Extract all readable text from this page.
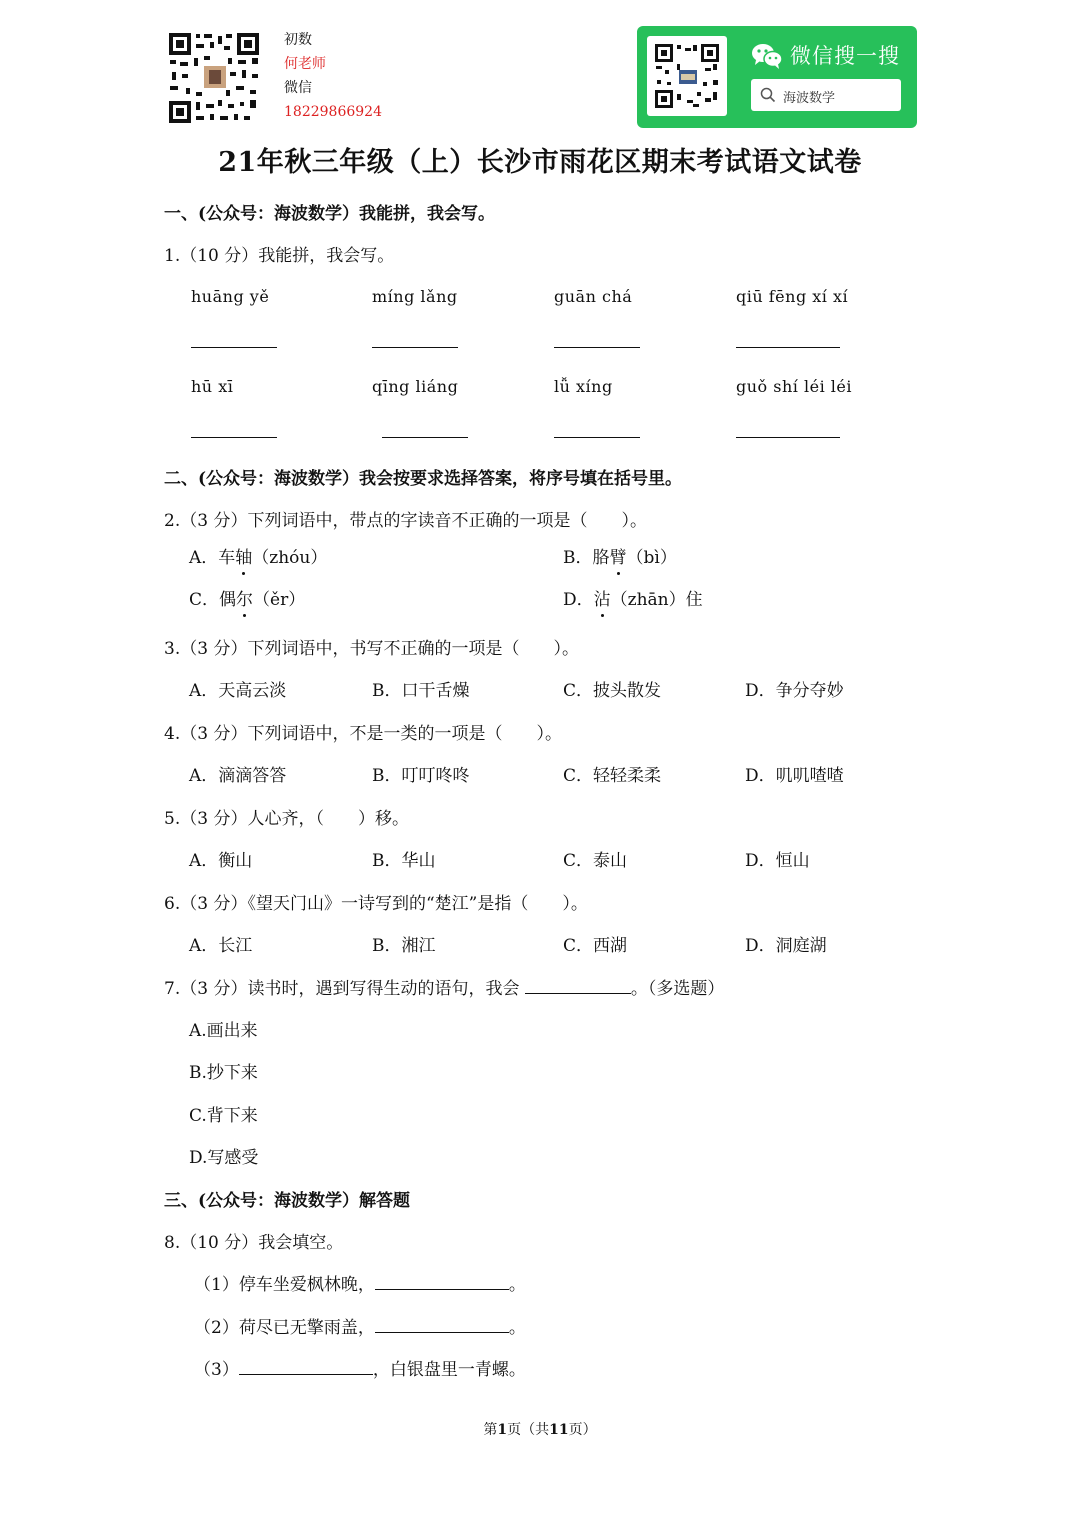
初数
何老师
微信
18229866924
微信搜一搜
海波数学
21年秋三年级（上）长沙市雨花区期末考试语文试卷
一、(公众号：海波数学）我能拼，我会写。
1.（10 分）我能拼，我会写。
huāng yě	míng lǎng	guān chá	qiū fēng xí xí
hū xī	qīng liáng	lǚ xíng	guǒ shí léi léi
二、(公众号：海波数学）我会按要求选择答案，将序号填在括号里。
2.（3 分）下列词语中，带点的字读音不正确的一项是（　　）。
A．车轴（zhóu）	B．胳臂（bì）
C．偶尔（ěr）	D．沾（zhān）住
3.（3 分）下列词语中，书写不正确的一项是（　　）。
A．天高云淡	B．口干舌燥	C．披头散发	D．争分夺妙
4.（3 分）下列词语中，不是一类的一项是（　　）。
A．滴滴答答	B．叮叮咚咚	C．轻轻柔柔	D．叽叽喳喳
5.（3 分）人心齐，（　　）移。
A．衡山	B．华山	C．泰山	D．恒山
6.（3 分）《望天门山》一诗写到的“楚江”是指（　　）。
A．长江	B．湘江	C．西湖	D．洞庭湖
7.（3 分）读书时，遇到写得生动的语句，我会	。（多选题）
A.画出来
B.抄下来
C.背下来
D.写感受
三、(公众号：海波数学）解答题
8.（10 分）我会填空。
（1）停车坐爱枫林晚，	。
（2）荷尽已无擎雨盖，	。
（3）	，白银盘里一青螺。
第1页（共11页）
